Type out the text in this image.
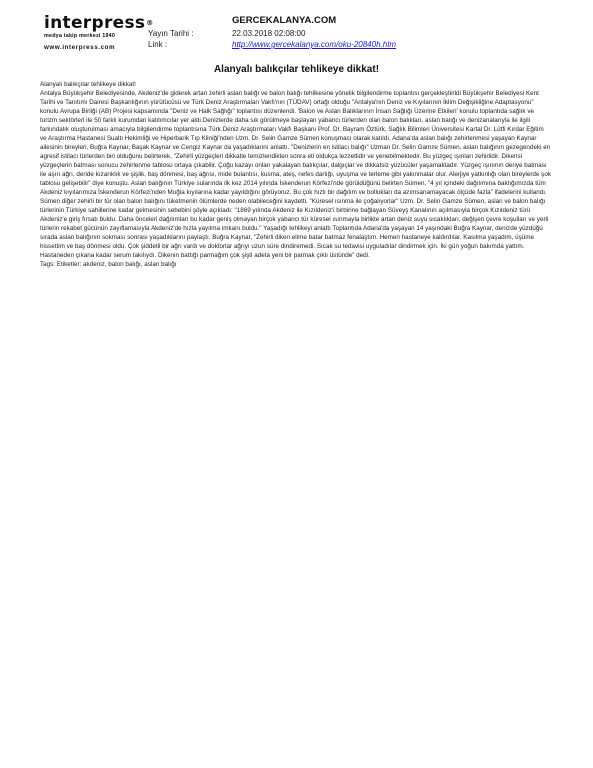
interpress®
medya takip merkezi 1940
www.interpress.com
Yayın Tarihi :
Link :
GERCEKALANYA.COM
22.03.2018 02:08:00
http://www.gercekalanya.com/oku-20840h.htm
Alanyalı balıkçılar tehlikeye dikkat!

Alanyalı balıkçılar tehlikeye dikkat!

Antalya Büyükşehir Belediyesinde, Akdeniz'de giderek artan zehirli aslan balığı ve balon balığı tehlikesine yönelik bilgilendirme toplantısı gerçekleştirildi Büyükşehir Belediyesi Kent Tarihi ve Tanıtımı Dairesi Başkanlığının yürütücüsü ve Türk Deniz Araştırmaları Vakfı'nın (TÜDAV) ortağı olduğu "Antalya'nın Deniz ve Kıyılarının İklim Değişikliğine Adaptasyonu" konulu Avrupa Birliği (AB) Projesi kapsamında "Deniz ve Halk Sağlığı" toplantısı düzenlendi. 'Balon ve Aslan Balıklarının İnsan Sağlığı Üzerine Etkileri' konulu toplantıda sağlık ve turizm sektörleri ile 50 farklı kurumdan katılımcılar yer aldı.Denizlerde daha sık görülmeye başlayan yabancı türlerden olan balon balıkları, aslan balığı ve denizanalarıyla ile ilgili farkındalık oluşturulması amacıyla bilgilendirme toplantısına Türk Deniz Araştırmaları Vakfı Başkanı Prof. Dr. Bayram Öztürk, Sağlık Bilimleri Üniversitesi Kartal Dr. Lütfi Kırdar Eğitim ve Araştırma Hastanesi Sualtı Hekimliği ve Hiperbarik Tıp Kliniği'nden Uzm. Dr. Selin Gamze Sümen konuşmacı olarak katıldı. Adana'da aslan balığı zehirlenmesi yaşayan Kaynar ailesinin bireyleri, Buğra Kaynar, Başak Kaynar ve Cengiz Kaynar da yaşadıklarını anlattı. "Denizlerin en istilacı balığı" Uzman Dr. Selin Gamze Sümen, aslan balığının gezegendeki en agresif istilacı türlerden biri olduğunu belirterek, "Zehirli yüzgeçleri dikkatle temizlendikten sonra eti oldukça lezzetlidir ve yenebilmektedir. Bu yüzgeç ışınları zehirlidir. Dikensi yüzgeçlerin batması sonucu zehirlenme tablosu ortaya çıkabilir. Çoğu kazayı onları yakalayan balıkçılar, dalgıçlar ve dikkatsiz yüzücüler yaşamaktadır. Yüzgeç ışınının deriye batması ile aşırı ağrı, deride kızarıklık ve şişlik, baş dönmesi, baş ağrısı, mide bulantısı, kusma, ateş, nefes darlığı, uyuşma ve terleme gibi yakınmalar olur. Alerjiye yatkınlığı olan bireylerde şok tablosu gelişebilir" diye konuştu. Aslan balığının Türkiye sularında ilk kez 2014 yılında İskenderun Körfezi'nde görüldüğünü belirten Sümen, "4 yıl içindeki dağılımına baktığımızda tüm Akdeniz kıyılarımıza İskenderun Körfezi'nden Muğla kıyılarına kadar yayıldığını görüyoruz. Bu çok hızlı bir dağılım ve bollukları da azımsanamayacak ölçüde fazla" ifadelerini kullandı. Sümen diğer zehirli bir tür olan balon balığını tüketmenin ölümlerde neden olabileceğini kaydetti. "Küresel ısınma ile çoğalıyorlar" Uzm. Dr. Selin Gamze Sümen, aslan ve balon balığı türlerinin Türkiye sahillerine kadar gelmesinin sebebini şöyle açıkladı: "1869 yılında Akdeniz ile Kızıldeniz'i birbirine bağlayan Süveyş Kanalının açılmasıyla birçok Kızıldeniz türü Akdeniz'e giriş fırsatı buldu. Daha önceleri dağılımları bu kadar geniş olmayan birçok yabancı tür küresel ısınmayla birlikte artan deniz suyu sıcaklıkları, değişen çevre koşulları ve yerli türlerin rekabet gücünün zayıflamasıyla Akdeniz'de hızla yayılma imkanı buldu." Yaşadığı tehlikeyi anlattı Toplantıda Adana'da yaşayan 14 yaşındaki Buğra Kaynar, denizde yüzdüğü sırada aslan balığının sokması sonrası yaşadıklarını paylaştı. Buğra Kaynar, "Zehirli diken elime batar batmaz fenalaştım. Hemen hastaneye kaldırdılar. Kasılma yaşadım, üşüme hissettim ve baş dönmesi oldu. Çok şiddetli bir ağrı vardı ve doktorlar ağrıyı uzun süre dindiremedi. Sıcak su tedavisi uyguladılar dindirmek için. İki gün yoğun bakımda yattım. Hastaneden çıkana kadar serum takılıydı. Dikenin battığı parmağım çok şişti adeta yeni bir parmak çıktı üstünde" dedi.

Tags: Etiketler: akdeniz, balon balığı, aslan balığı
